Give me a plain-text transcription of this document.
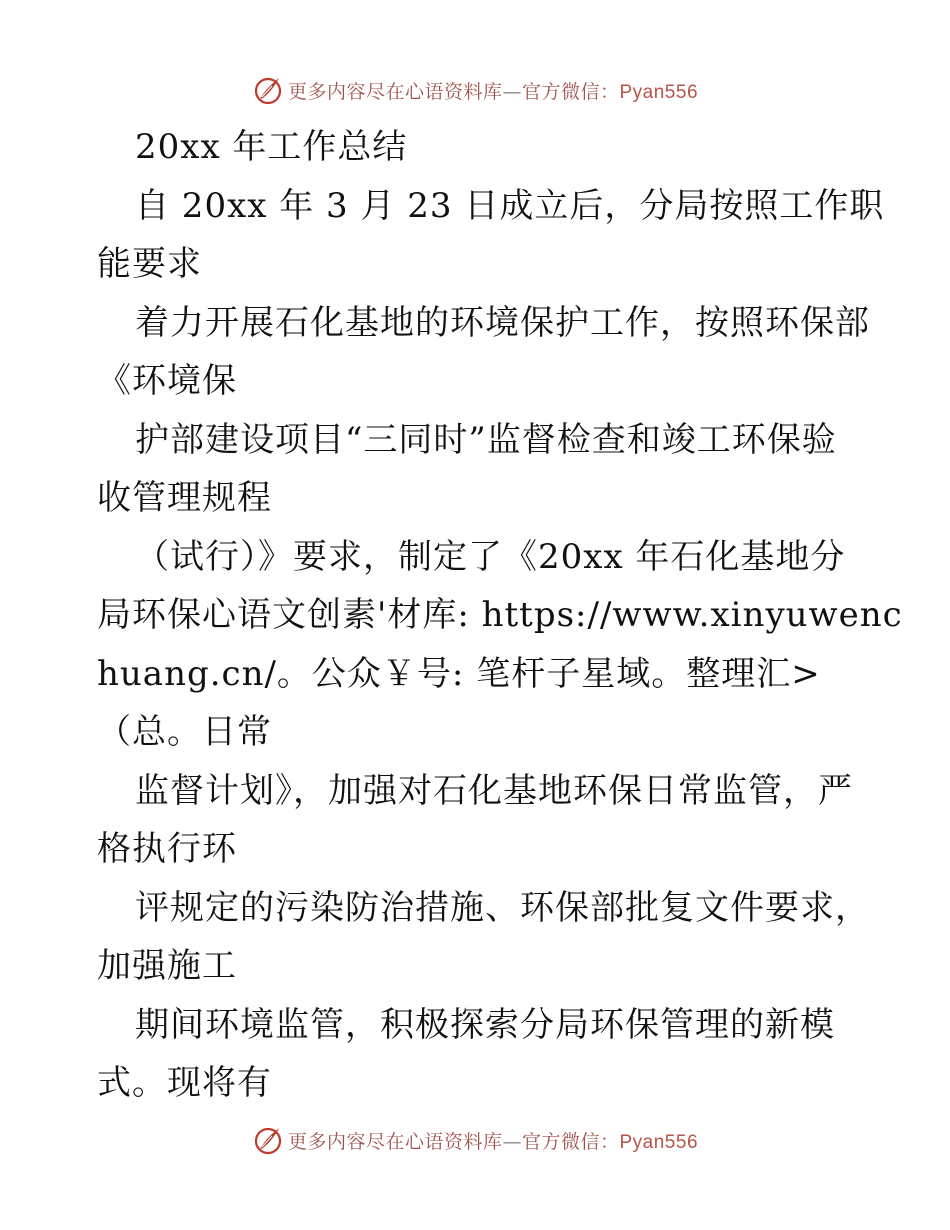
更多内容尽在心语资料库—官方微信：Pyan556
20xx 年工作总结
自 20xx 年 3 月 23 日成立后，分局按照工作职
能要求
着力开展石化基地的环境保护工作，按照环保部
《环境保
护部建设项目“三同时”监督检查和竣工环保验
收管理规程
（试行）》要求，制定了《20xx 年石化基地分
局环保心语文创素'材库: https://www.xinyuwenc
huang.cn/。公众￥号: 笔杆子星域。整理汇>
（总。日常
监督计划》，加强对石化基地环保日常监管，严
格执行环
评规定的污染防治措施、环保部批复文件要求，
加强施工
期间环境监管，积极探索分局环保管理的新模
式。现将有
更多内容尽在心语资料库—官方微信：Pyan556
